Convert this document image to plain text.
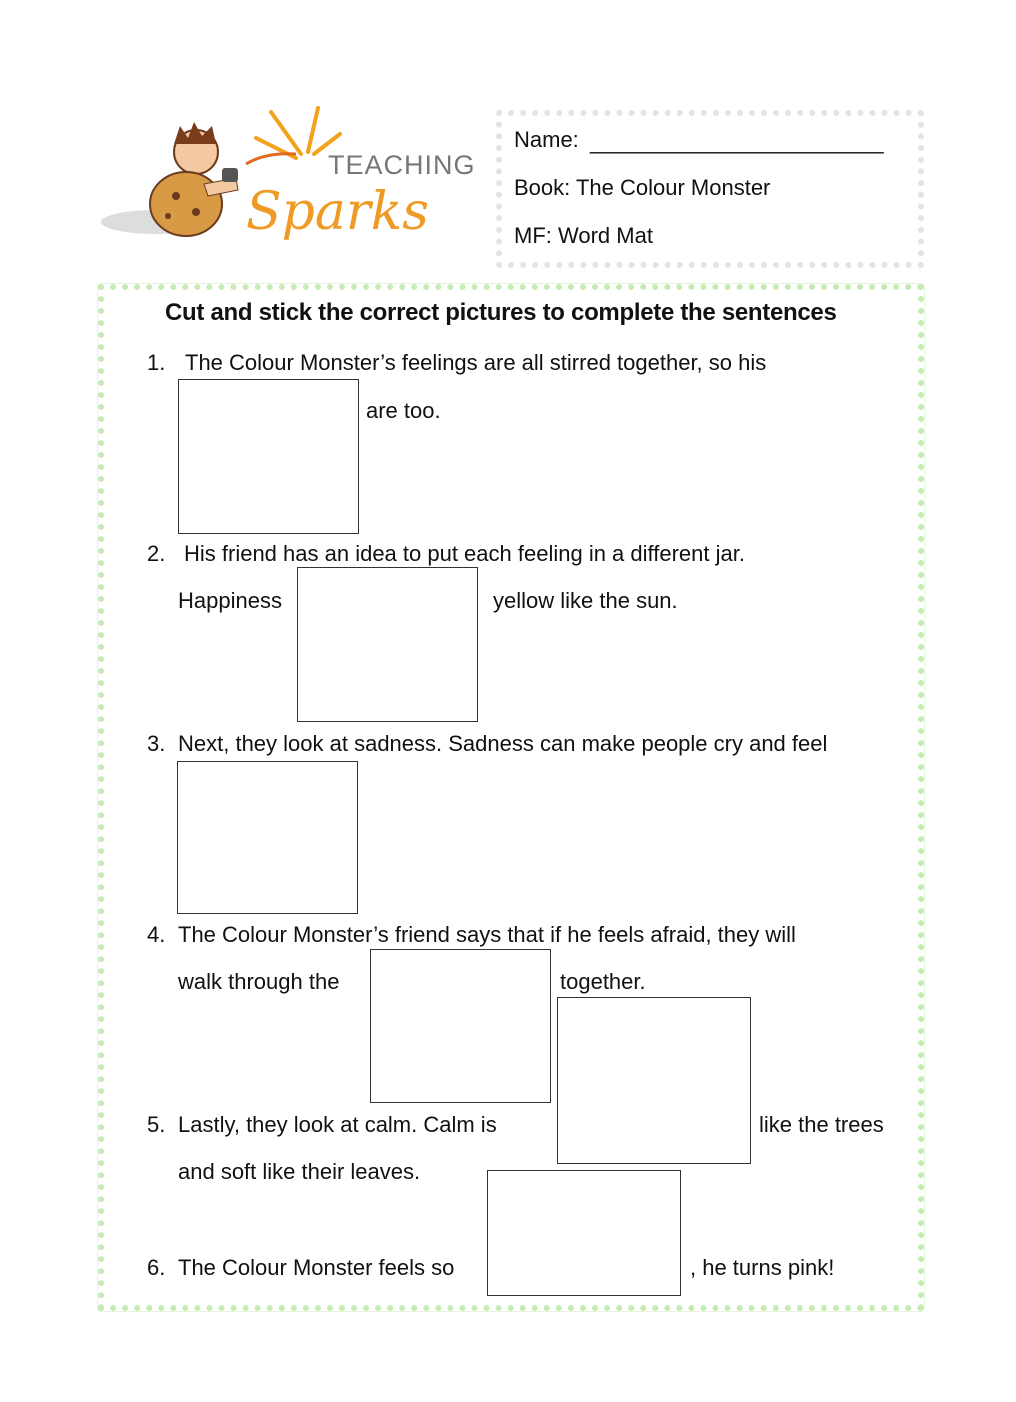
TEACHING
Sparks
Name: ________________________
Book: The Colour Monster
MF: Word Mat
Cut and stick the correct pictures to complete the sentences
1. The Colour Monster’s feelings are all stirred together, so his
are too.
2. His friend has an idea to put each feeling in a different jar.
Happiness	yellow like the sun.
3. Next, they look at sadness. Sadness can make people cry and feel
4. The Colour Monster’s friend says that if he feels afraid, they will
walk through the	together.
5. Lastly, they look at calm. Calm is	like the trees
and soft like their leaves.
6. The Colour Monster feels so	, he turns pink!
